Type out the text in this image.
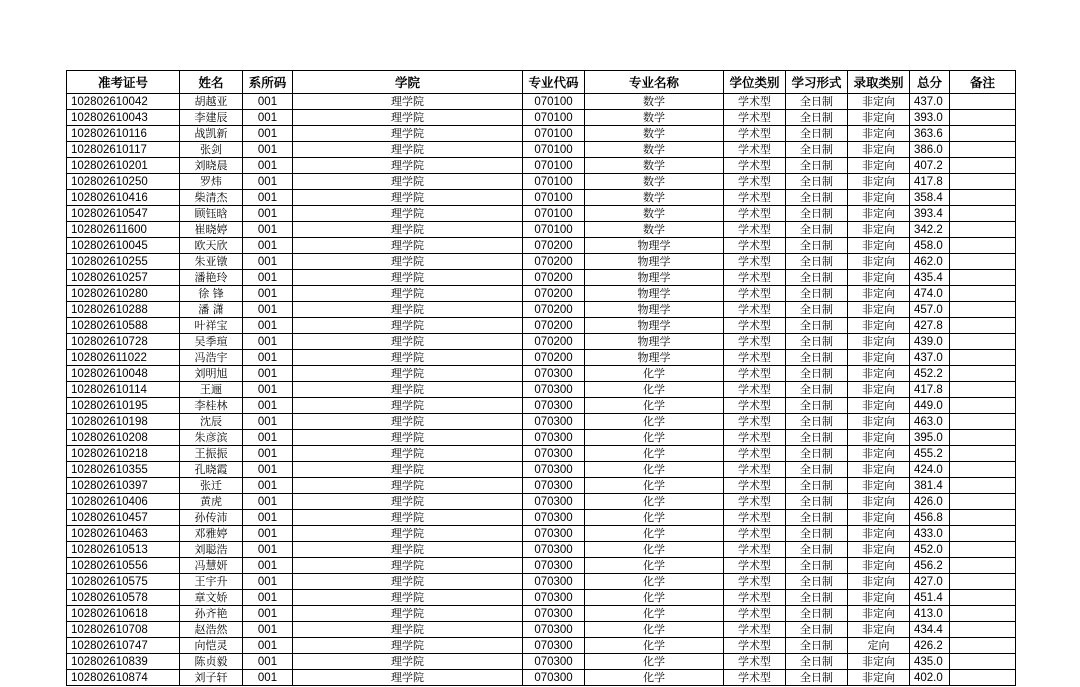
准考证号	姓名	系所码	学院	专业代码	专业名称	学位类别	学习形式	录取类别	总分	备注
102802610042	胡越亚	001	理学院	070100	数学	学术型	全日制	非定向	437.0	
102802610043	李建辰	001	理学院	070100	数学	学术型	全日制	非定向	393.0	
102802610116	战凯新	001	理学院	070100	数学	学术型	全日制	非定向	363.6	
102802610117	张剑	001	理学院	070100	数学	学术型	全日制	非定向	386.0	
102802610201	刘晓晨	001	理学院	070100	数学	学术型	全日制	非定向	407.2	
102802610250	罗炜	001	理学院	070100	数学	学术型	全日制	非定向	417.8	
102802610416	柴清杰	001	理学院	070100	数学	学术型	全日制	非定向	358.4	
102802610547	顾钰晗	001	理学院	070100	数学	学术型	全日制	非定向	393.4	
102802611600	崔晓婷	001	理学院	070100	数学	学术型	全日制	非定向	342.2	
102802610045	欧天欣	001	理学院	070200	物理学	学术型	全日制	非定向	458.0	
102802610255	朱亚镦	001	理学院	070200	物理学	学术型	全日制	非定向	462.0	
102802610257	潘艳玲	001	理学院	070200	物理学	学术型	全日制	非定向	435.4	
102802610280	徐 锋	001	理学院	070200	物理学	学术型	全日制	非定向	474.0	
102802610288	潘 潇	001	理学院	070200	物理学	学术型	全日制	非定向	457.0	
102802610588	叶祥宝	001	理学院	070200	物理学	学术型	全日制	非定向	427.8	
102802610728	吴季瑄	001	理学院	070200	物理学	学术型	全日制	非定向	439.0	
102802611022	冯浩宇	001	理学院	070200	物理学	学术型	全日制	非定向	437.0	
102802610048	刘明旭	001	理学院	070300	化学	学术型	全日制	非定向	452.2	
102802610114	王逦	001	理学院	070300	化学	学术型	全日制	非定向	417.8	
102802610195	李桂林	001	理学院	070300	化学	学术型	全日制	非定向	449.0	
102802610198	沈辰	001	理学院	070300	化学	学术型	全日制	非定向	463.0	
102802610208	朱彦滨	001	理学院	070300	化学	学术型	全日制	非定向	395.0	
102802610218	王振振	001	理学院	070300	化学	学术型	全日制	非定向	455.2	
102802610355	孔晓霞	001	理学院	070300	化学	学术型	全日制	非定向	424.0	
102802610397	张迁	001	理学院	070300	化学	学术型	全日制	非定向	381.4	
102802610406	黄虎	001	理学院	070300	化学	学术型	全日制	非定向	426.0	
102802610457	孙传沛	001	理学院	070300	化学	学术型	全日制	非定向	456.8	
102802610463	邓雅婷	001	理学院	070300	化学	学术型	全日制	非定向	433.0	
102802610513	刘聪浩	001	理学院	070300	化学	学术型	全日制	非定向	452.0	
102802610556	冯慧妍	001	理学院	070300	化学	学术型	全日制	非定向	456.2	
102802610575	王宇升	001	理学院	070300	化学	学术型	全日制	非定向	427.0	
102802610578	章文娇	001	理学院	070300	化学	学术型	全日制	非定向	451.4	
102802610618	孙齐艳	001	理学院	070300	化学	学术型	全日制	非定向	413.0	
102802610708	赵浩然	001	理学院	070300	化学	学术型	全日制	非定向	434.4	
102802610747	向恺灵	001	理学院	070300	化学	学术型	全日制	定向	426.2	
102802610839	陈贞毅	001	理学院	070300	化学	学术型	全日制	非定向	435.0	
102802610874	刘子轩	001	理学院	070300	化学	学术型	全日制	非定向	402.0	
